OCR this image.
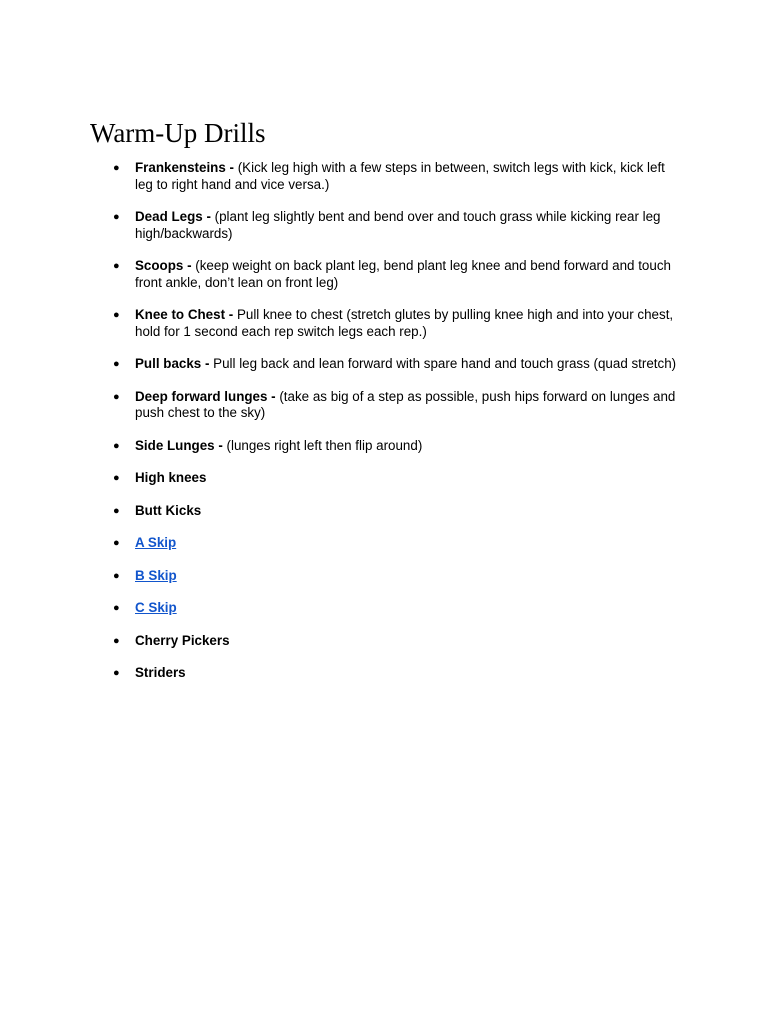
Warm-Up Drills
● Frankensteins - (Kick leg high with a few steps in between, switch legs with kick, kick left leg to right hand and vice versa.)
● Dead Legs - (plant leg slightly bent and bend over and touch grass while kicking rear leg high/backwards)
● Scoops - (keep weight on back plant leg, bend plant leg knee and bend forward and touch front ankle, don’t lean on front leg)
● Knee to Chest - Pull knee to chest (stretch glutes by pulling knee high and into your chest, hold for 1 second each rep switch legs each rep.)
● Pull backs - Pull leg back and lean forward with spare hand and touch grass (quad stretch)
● Deep forward lunges - (take as big of a step as possible, push hips forward on lunges and push chest to the sky)
● Side Lunges - (lunges right left then flip around)
● High knees
● Butt Kicks
● A Skip
● B Skip
● C Skip
● Cherry Pickers
● Striders
